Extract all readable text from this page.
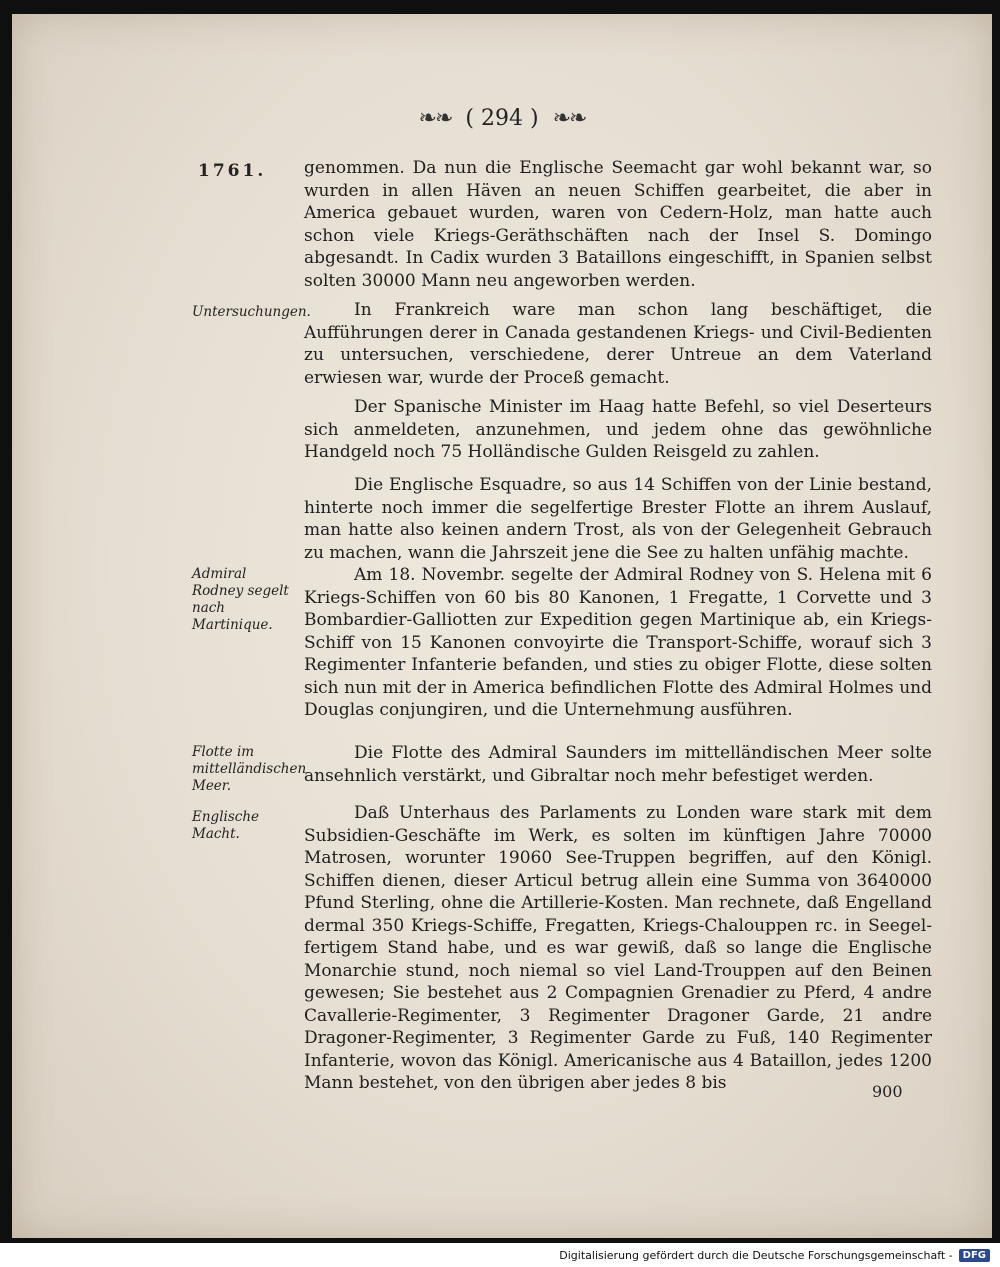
❧❧ ( 294 ) ❧❧
1761. genommen. Da nun die Englische Seemacht gar wohl bekannt war, so wurden in allen Häven an neuen Schiffen gearbeitet, die aber in America gebauet wurden, waren von Cedern-Holz, man hatte auch schon viele Kriegs-Geräthschäften nach der Insel S. Domingo abgesandt. In Cadix wurden 3 Bataillons eingeschifft, in Spanien selbst solten 30000 Mann neu angeworben werden.
Untersuchungen.	In Frankreich ware man schon lang beschäftiget, die Aufführungen derer in Canada gestandenen Kriegs- und Civil-Bedienten zu untersuchen, verschiedene, derer Untreue an dem Vaterland erwiesen war, wurde der Proceß gemacht.
Der Spanische Minister im Haag hatte Befehl, so viel Deserteurs sich anmeldeten, anzunehmen, und jedem ohne das gewöhnliche Handgeld noch 75 Holländische Gulden Reisgeld zu zahlen.
Die Englische Esquadre, so aus 14 Schiffen von der Linie bestand, hinterte noch immer die segelfertige Brester Flotte an ihrem Auslauf, man hatte also keinen andern Trost, als von der Gelegenheit Gebrauch zu machen, wann die Jahrszeit jene die See zu halten unfähig machte.
Admiral Rodney segelt nach Martinique.
Am 18. Novembr. segelte der Admiral Rodney von S. Helena mit 6 Kriegs-Schiffen von 60 bis 80 Kanonen, 1 Fregatte, 1 Corvette und 3 Bombardier-Galliotten zur Expedition gegen Martinique ab, ein Kriegs-Schiff von 15 Kanonen convoyirte die Transport-Schiffe, worauf sich 3 Regimenter Infanterie befanden, und sties zu obiger Flotte, diese solten sich nun mit der in America befindlichen Flotte des Admiral Holmes und Douglas conjungiren, und die Unternehmung ausführen.
Flotte im mittelländischen Meer.
Die Flotte des Admiral Saunders im mittelländischen Meer solte ansehnlich verstärkt, und Gibraltar noch mehr befestiget werden.
Englische Macht.
Daß Unterhaus des Parlaments zu Londen ware stark mit dem Subsidien-Geschäfte im Werk, es solten im künftigen Jahre 70000 Matrosen, worunter 19060 See-Truppen begriffen, auf den Königl. Schiffen dienen, dieser Articul betrug allein eine Summa von 3640000 Pfund Sterling, ohne die Artillerie-Kosten. Man rechnete, daß Engelland dermal 350 Kriegs-Schiffe, Fregatten, Kriegs-Chalouppen rc. in Seegel-fertigem Stand habe, und es war gewiß, daß so lange die Englische Monarchie stund, noch niemal so viel Land-Trouppen auf den Beinen gewesen; Sie bestehet aus 2 Compagnien Grenadier zu Pferd, 4 andre Cavallerie-Regimenter, 3 Regimenter Dragoner Garde, 21 andre Dragoner-Regimenter, 3 Regimenter Garde zu Fuß, 140 Regimenter Infanterie, wovon das Königl. Americanische aus 4 Bataillon, jedes 1200 Mann bestehet, von den übrigen aber jedes 8 bis	900
Digitalisierung gefördert durch die Deutsche Forschungsgemeinschaft -	DFG
